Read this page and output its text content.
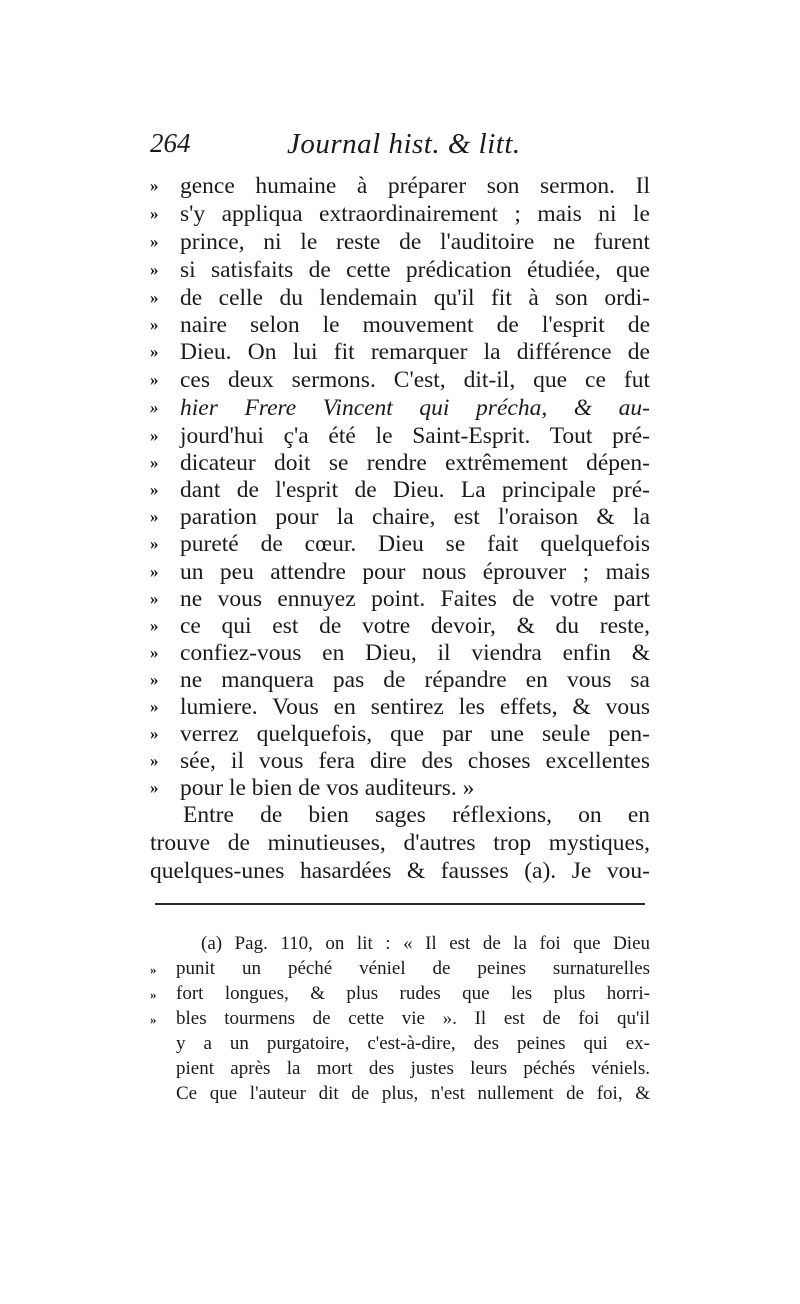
264	Journal hist. & litt.
» gence humaine à préparer son sermon. Il
» s'y appliqua extraordinairement ; mais ni le
» prince, ni le reste de l'auditoire ne furent
» si satisfaits de cette prédication étudiée, que
» de celle du lendemain qu'il fit à son ordi-
» naire selon le mouvement de l'esprit de
» Dieu. On lui fit remarquer la différence de
» ces deux sermons. C'est, dit-il, que ce fut
» hier Frere Vincent qui précha, & au-
» jourd'hui ç'a été le Saint-Esprit. Tout pré-
» dicateur doit se rendre extrêmement dépen-
» dant de l'esprit de Dieu. La principale pré-
» paration pour la chaire, est l'oraison & la
» pureté de cœur. Dieu se fait quelquefois
» un peu attendre pour nous éprouver ; mais
» ne vous ennuyez point. Faites de votre part
» ce qui est de votre devoir, & du reste,
» confiez-vous en Dieu, il viendra enfin &
» ne manquera pas de répandre en vous sa
» lumiere. Vous en sentirez les effets, & vous
» verrez quelquefois, que par une seule pen-
» sée, il vous fera dire des choses excellentes
» pour le bien de vos auditeurs. »
Entre de bien sages réflexions, on en
trouve de minutieuses, d'autres trop mystiques,
quelques-unes hasardées & fausses (a). Je vou-
(a) Pag. 110, on lit : « Il est de la foi que Dieu
» punit un péché véniel de peines surnaturelles
» fort longues, & plus rudes que les plus horri-
» bles tourmens de cette vie ». Il est de foi qu'il
y a un purgatoire, c'est-à-dire, des peines qui ex-
pient après la mort des justes leurs péchés véniels.
Ce que l'auteur dit de plus, n'est nullement de foi, &
